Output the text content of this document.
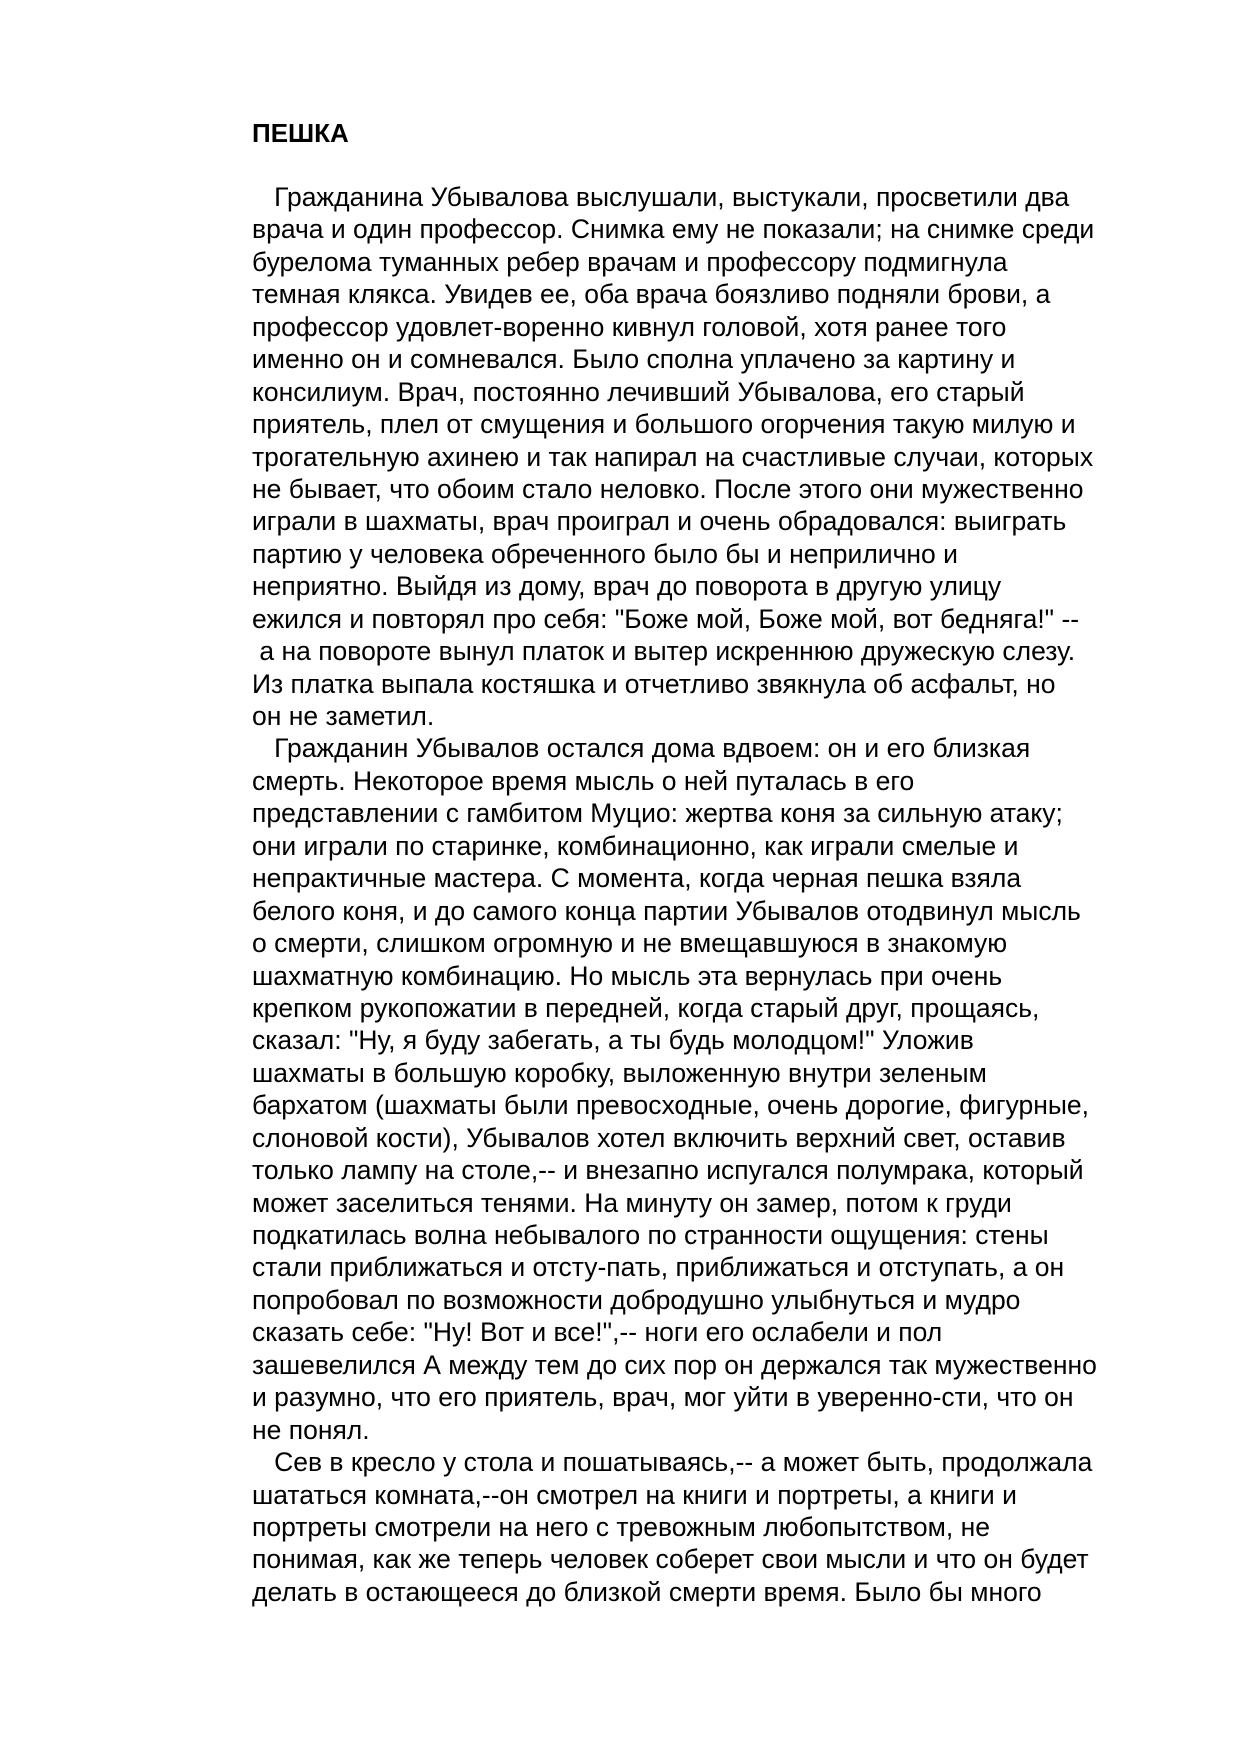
ПЕШКА
Гражданина Убывалова выслушали, выстукали, просветили два
врача и один профессор. Снимка ему не показали; на снимке среди
бурелома туманных ребер врачам и профессору подмигнула
темная клякса. Увидев ее, оба врача боязливо подняли брови, а
профессор удовлет-воренно кивнул головой, хотя ранее того
именно он и сомневался. Было сполна уплачено за картину и
консилиум. Врач, постоянно лечивший Убывалова, его старый
приятель, плел от смущения и большого огорчения такую милую и
трогательную ахинею и так напирал на счастливые случаи, которых
не бывает, что обоим стало неловко. После этого они мужественно
играли в шахматы, врач проиграл и очень обрадовался: выиграть
партию у человека обреченного было бы и неприлично и
неприятно. Выйдя из дому, врач до поворота в другую улицу
ежился и повторял про себя: "Боже мой, Боже мой, вот бедняга!" --
а на повороте вынул платок и вытер искреннюю дружескую слезу.
Из платка выпала костяшка и отчетливо звякнула об асфальт, но
он не заметил.
Гражданин Убывалов остался дома вдвоем: он и его близкая
смерть. Некоторое время мысль о ней путалась в его
представлении с гамбитом Муцио: жертва коня за сильную атаку;
они играли по старинке, комбинационно, как играли смелые и
непрактичные мастера. С момента, когда черная пешка взяла
белого коня, и до самого конца партии Убывалов отодвинул мысль
о смерти, слишком огромную и не вмещавшуюся в знакомую
шахматную комбинацию. Но мысль эта вернулась при очень
крепком рукопожатии в передней, когда старый друг, прощаясь,
сказал: "Ну, я буду забегать, а ты будь молодцом!" Уложив
шахматы в большую коробку, выложенную внутри зеленым
бархатом (шахматы были превосходные, очень дорогие, фигурные,
слоновой кости), Убывалов хотел включить верхний свет, оставив
только лампу на столе,-- и внезапно испугался полумрака, который
может заселиться тенями. На минуту он замер, потом к груди
подкатилась волна небывалого по странности ощущения: стены
стали приближаться и отсту-пать, приближаться и отступать, а он
попробовал по возможности добродушно улыбнуться и мудро
сказать себе: "Ну! Вот и все!",-- ноги его ослабели и пол
зашевелился А между тем до сих пор он держался так мужественно
и разумно, что его приятель, врач, мог уйти в уверенно-сти, что он
не понял.
Сев в кресло у стола и пошатываясь,-- а может быть, продолжала
шататься комната,--он смотрел на книги и портреты, а книги и
портреты смотрели на него с тревожным любопытством, не
понимая, как же теперь человек соберет свои мысли и что он будет
делать в остающееся до близкой смерти время. Было бы много
